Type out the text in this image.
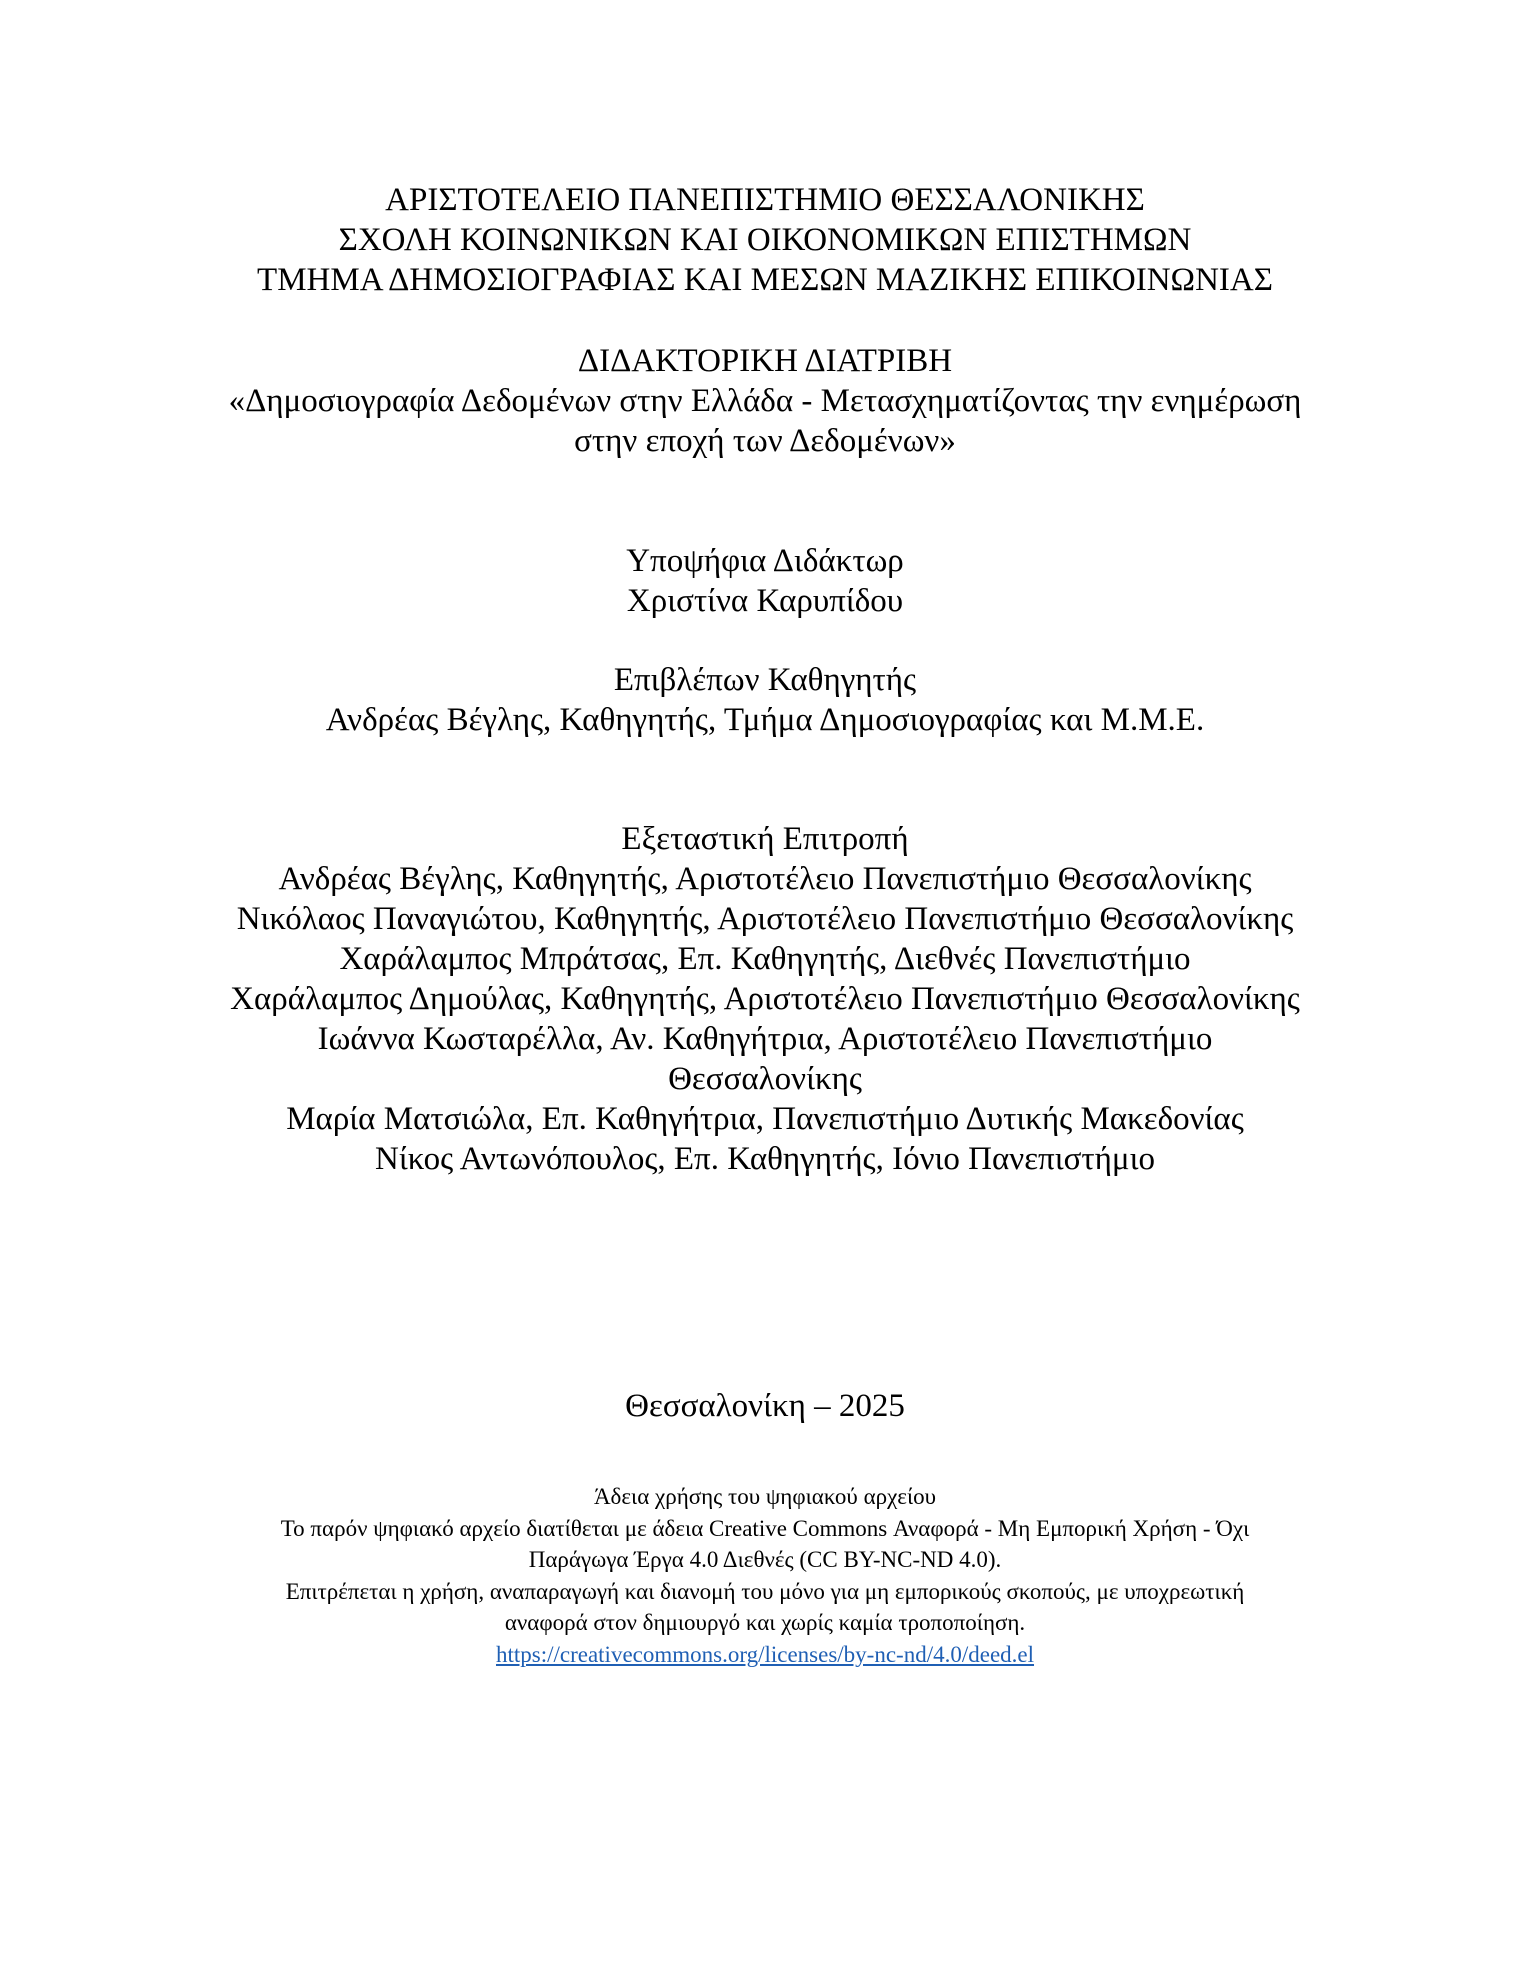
ΑΡΙΣΤΟΤΕΛΕΙΟ ΠΑΝΕΠΙΣΤΗΜΙΟ ΘΕΣΣΑΛΟΝΙΚΗΣ
ΣΧΟΛΗ ΚΟΙΝΩΝΙΚΩΝ ΚΑΙ ΟΙΚΟΝΟΜΙΚΩΝ ΕΠΙΣΤΗΜΩΝ
ΤΜΗΜΑ ΔΗΜΟΣΙΟΓΡΑΦΙΑΣ ΚΑΙ ΜΕΣΩΝ ΜΑΖΙΚΗΣ ΕΠΙΚΟΙΝΩΝΙΑΣ
ΔΙΔΑΚΤΟΡΙΚΗ ΔΙΑΤΡΙΒΗ
«Δημοσιογραφία Δεδομένων στην Ελλάδα - Μετασχηματίζοντας την ενημέρωση
στην εποχή των Δεδομένων»
Υποψήφια Διδάκτωρ
Χριστίνα Καρυπίδου
Επιβλέπων Καθηγητής
Ανδρέας Βέγλης, Καθηγητής, Τμήμα Δημοσιογραφίας και Μ.Μ.Ε.
Εξεταστική Επιτροπή
Ανδρέας Βέγλης, Καθηγητής, Αριστοτέλειο Πανεπιστήμιο Θεσσαλονίκης
Νικόλαος Παναγιώτου, Καθηγητής, Αριστοτέλειο Πανεπιστήμιο Θεσσαλονίκης
Χαράλαμπος Μπράτσας, Επ. Καθηγητής, Διεθνές Πανεπιστήμιο
Χαράλαμπος Δημούλας, Καθηγητής, Αριστοτέλειο Πανεπιστήμιο Θεσσαλονίκης
Ιωάννα Κωσταρέλλα, Αν. Καθηγήτρια, Αριστοτέλειο Πανεπιστήμιο
Θεσσαλονίκης
Μαρία Ματσιώλα, Επ. Καθηγήτρια, Πανεπιστήμιο Δυτικής Μακεδονίας
Νίκος Αντωνόπουλος, Επ. Καθηγητής, Ιόνιο Πανεπιστήμιο
Θεσσαλονίκη – 2025
Άδεια χρήσης του ψηφιακού αρχείου
Το παρόν ψηφιακό αρχείο διατίθεται με άδεια Creative Commons Αναφορά - Μη Εμπορική Χρήση - Όχι
Παράγωγα Έργα 4.0 Διεθνές (CC BY-NC-ND 4.0).
Επιτρέπεται η χρήση, αναπαραγωγή και διανομή του μόνο για μη εμπορικούς σκοπούς, με υποχρεωτική
αναφορά στον δημιουργό και χωρίς καμία τροποποίηση.
https://creativecommons.org/licenses/by-nc-nd/4.0/deed.el
